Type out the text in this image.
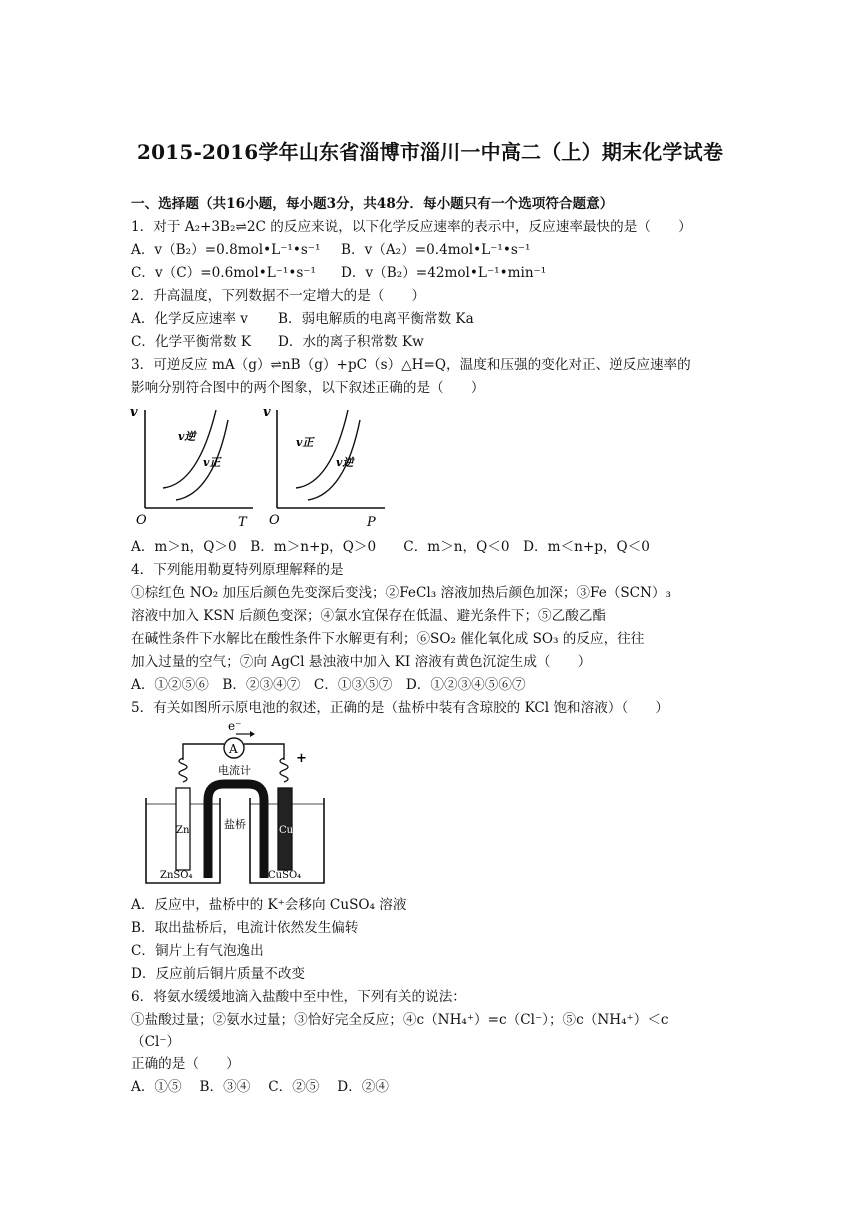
2015-2016学年山东省淄博市淄川一中高二（上）期末化学试卷
一、选择题（共16小题，每小题3分，共48分．每小题只有一个选项符合题意）
1．对于 A₂+3B₂⇌2C 的反应来说，以下化学反应速率的表示中，反应速率最快的是（　　）
A．v（B₂）=0.8mol•L⁻¹•s⁻¹ B．v（A₂）=0.4mol•L⁻¹•s⁻¹
C．v（C）=0.6mol•L⁻¹•s⁻¹ D．v（B₂）=42mol•L⁻¹•min⁻¹
2．升高温度，下列数据不一定增大的是（　　）
A．化学反应速率 v B．弱电解质的电离平衡常数 Ka
C．化学平衡常数 K D．水的离子积常数 Kw
3．可逆反应 mA（g）⇌nB（g）+pC（s）△H=Q，温度和压强的变化对正、逆反应速率的
影响分别符合图中的两个图象，以下叙述正确的是（　　）
v
O	T
v逆
v正
v
O	P
v正
v逆
A．m＞n，Q＞0　B．m＞n+p，Q＞0　　C．m＞n，Q＜0　D．m＜n+p，Q＜0
4．下列能用勒夏特列原理解释的是
①棕红色 NO₂ 加压后颜色先变深后变浅；②FeCl₃ 溶液加热后颜色加深；③Fe（SCN）₃
溶液中加入 KSN 后颜色变深；④氯水宜保存在低温、避光条件下；⑤乙酸乙酯
在碱性条件下水解比在酸性条件下水解更有利；⑥SO₂ 催化氧化成 SO₃ 的反应，往往
加入过量的空气；⑦向 AgCl 悬浊液中加入 KI 溶液有黄色沉淀生成（　　）
A．①②⑤⑥　B．②③④⑦　C．①③⑤⑦　D．①②③④⑤⑥⑦
5．有关如图所示原电池的叙述，正确的是（盐桥中装有含琼胶的 KCl 饱和溶液）（　　）
e⁻
A
电流计
+
Zn	Cu
盐桥
ZnSO₄	CuSO₄
A．反应中，盐桥中的 K⁺会移向 CuSO₄ 溶液
B．取出盐桥后，电流计依然发生偏转
C．铜片上有气泡逸出
D．反应前后铜片质量不改变
6．将氨水缓缓地滴入盐酸中至中性，下列有关的说法：
①盐酸过量；②氨水过量；③恰好完全反应；④c（NH₄⁺）=c（Cl⁻）；⑤c（NH₄⁺）＜c
（Cl⁻）
正确的是（　　）
A．①⑤　 B．③④　 C．②⑤　 D．②④
